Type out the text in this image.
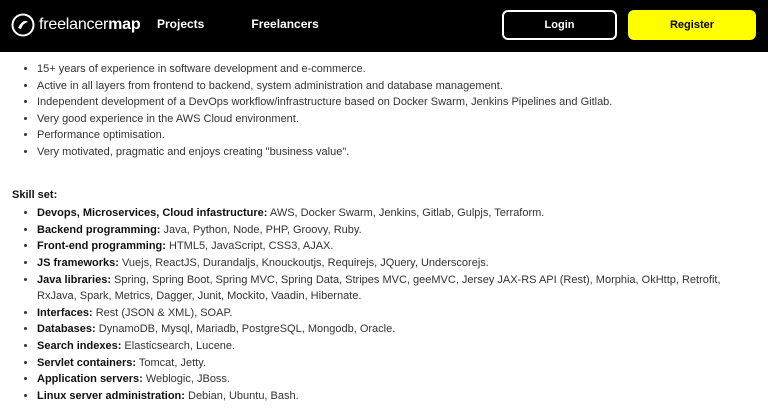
freelancermap Projects	Freelancers	Login	Register
• 15+ years of experience in software development and e-commerce.
• Active in all layers from frontend to backend, system administration and database management.
• Independent development of a DevOps workflow/infrastructure based on Docker Swarm, Jenkins Pipelines and Gitlab.
• Very good experience in the AWS Cloud environment.
• Performance optimisation.
• Very motivated, pragmatic and enjoys creating "business value".
Skill set:
• Devops, Microservices, Cloud infastructure: AWS, Docker Swarm, Jenkins, Gitlab, Gulpjs, Terraform.
• Backend programming: Java, Python, Node, PHP, Groovy, Ruby.
• Front-end programming: HTML5, JavaScript, CSS3, AJAX.
• JS frameworks: Vuejs, ReactJS, Durandaljs, Knouckoutjs, Requirejs, JQuery, Underscorejs.
• Java libraries: Spring, Spring Boot, Spring MVC, Spring Data, Stripes MVC, geeMVC, Jersey JAX-RS API (Rest), Morphia, OkHttp, Retrofit, RxJava, Spark, Metrics, Dagger, Junit, Mockito, Vaadin, Hibernate.
• Interfaces: Rest (JSON & XML), SOAP.
• Databases: DynamoDB, Mysql, Mariadb, PostgreSQL, Mongodb, Oracle.
• Search indexes: Elasticsearch, Lucene.
• Servlet containers: Tomcat, Jetty.
• Application servers: Weblogic, JBoss.
• Linux server administration: Debian, Ubuntu, Bash.
